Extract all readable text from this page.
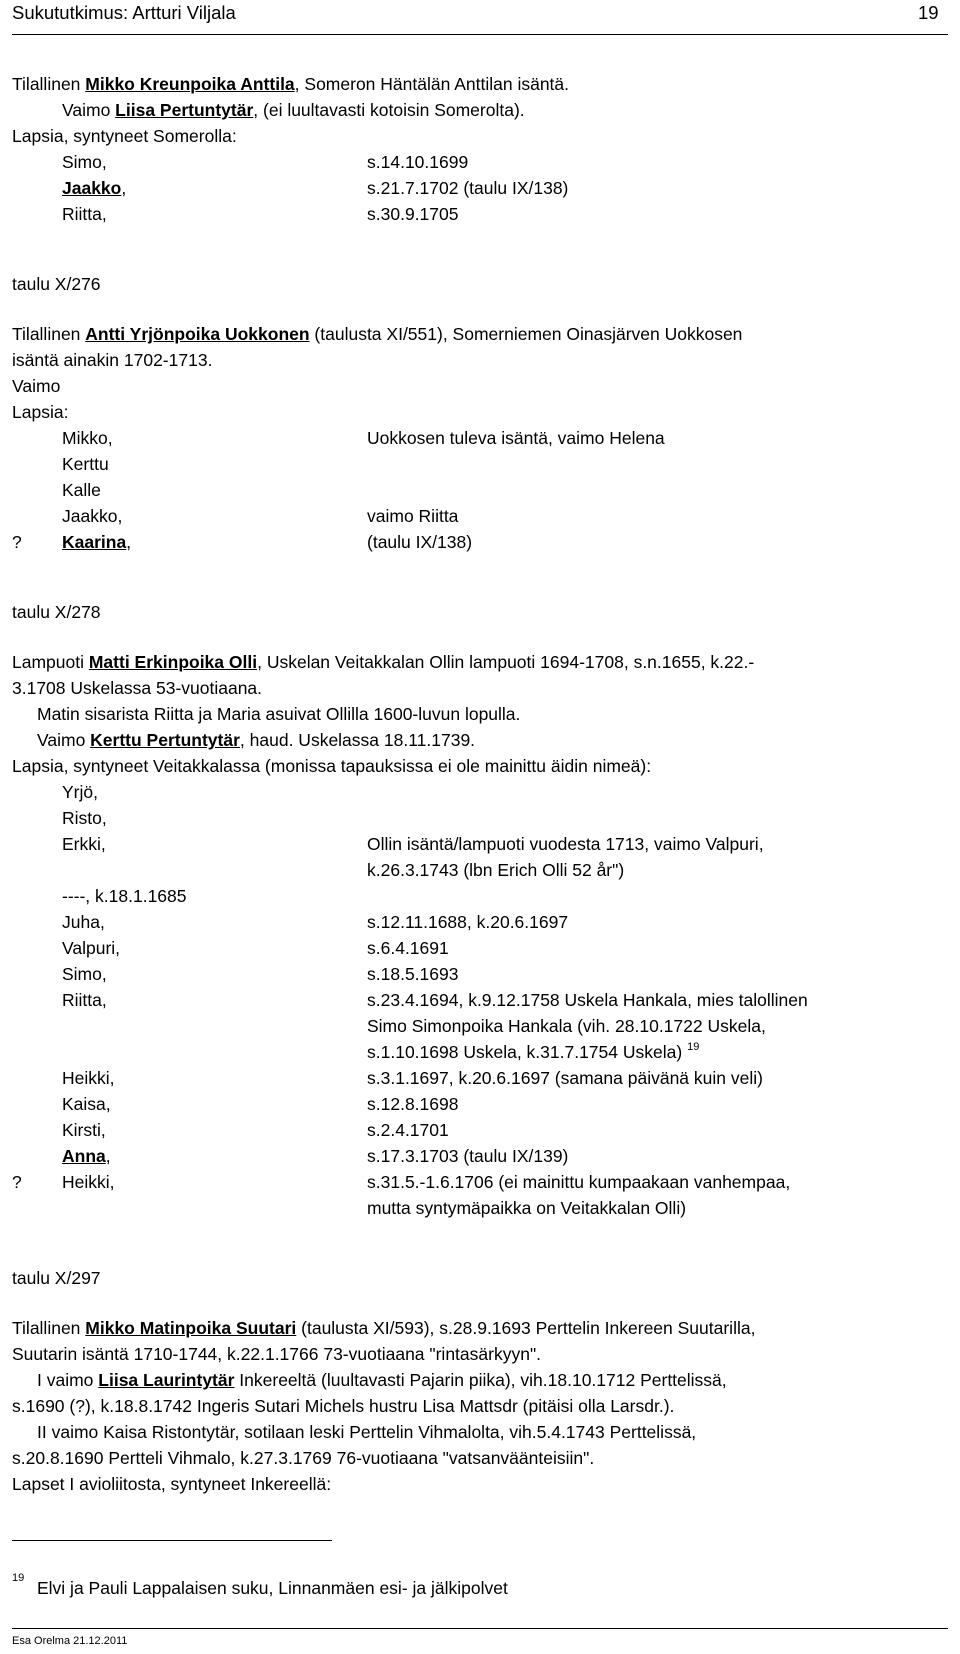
Sukututkimus: Artturi Viljala	19
Tilallinen Mikko Kreunpoika Anttila, Someron Häntälän Anttilan isäntä.
Vaimo Liisa Pertuntytär, (ei luultavasti kotoisin Somerolta).
Lapsia, syntyneet Somerolla:
Simo,	s.14.10.1699
Jaakko,	s.21.7.1702 (taulu IX/138)
Riitta,	s.30.9.1705
taulu X/276
Tilallinen Antti Yrjönpoika Uokkonen (taulusta XI/551), Somerniemen Oinasjärven Uokkosen
isäntä ainakin 1702-1713.
Vaimo
Lapsia:
Mikko,	Uokkosen tuleva isäntä, vaimo Helena
Kerttu
Kalle
Jaakko,	vaimo Riitta
? Kaarina,	(taulu IX/138)
taulu X/278
Lampuoti Matti Erkinpoika Olli, Uskelan Veitakkalan Ollin lampuoti 1694-1708, s.n.1655, k.22.-
3.1708 Uskelassa 53-vuotiaana.
Matin sisarista Riitta ja Maria asuivat Ollilla 1600-luvun lopulla.
Vaimo Kerttu Pertuntytär, haud. Uskelassa 18.11.1739.
Lapsia, syntyneet Veitakkalassa (monissa tapauksissa ei ole mainittu äidin nimeä):
Yrjö,
Risto,
Erkki,	Ollin isäntä/lampuoti vuodesta 1713, vaimo Valpuri,
k.26.3.1743 (lbn Erich Olli 52 år")
----, k.18.1.1685
Juha,	s.12.11.1688, k.20.6.1697
Valpuri,	s.6.4.1691
Simo,	s.18.5.1693
Riitta,	s.23.4.1694, k.9.12.1758 Uskela Hankala, mies talollinen
Simo Simonpoika Hankala (vih. 28.10.1722 Uskela,
s.1.10.1698 Uskela, k.31.7.1754 Uskela) $^{19}$
Heikki,	s.3.1.1697, k.20.6.1697 (samana päivänä kuin veli)
Kaisa,	s.12.8.1698
Kirsti,	s.2.4.1701
Anna,	s.17.3.1703 (taulu IX/139)
? Heikki,	s.31.5.-1.6.1706 (ei mainittu kumpaakaan vanhempaa,
mutta syntymäpaikka on Veitakkalan Olli)
taulu X/297
Tilallinen Mikko Matinpoika Suutari (taulusta XI/593), s.28.9.1693 Perttelin Inkereen Suutarilla,
Suutarin isäntä 1710-1744, k.22.1.1766 73-vuotiaana "rintasärkyyn".
I vaimo Liisa Laurintytär Inkereeltä (luultavasti Pajarin piika), vih.18.10.1712 Perttelissä,
s.1690 (?), k.18.8.1742 Ingeris Sutari Michels hustru Lisa Mattsdr (pitäisi olla Larsdr.).
II vaimo Kaisa Ristontytär, sotilaan leski Perttelin Vihmalolta, vih.5.4.1743 Perttelissä,
s.20.8.1690 Pertteli Vihmalo, k.27.3.1769 76-vuotiaana "vatsanväänteisiin".
Lapset I avioliitosta, syntyneet Inkereellä:
19 Elvi ja Pauli Lappalaisen suku, Linnanmäen esi- ja jälkipolvet
Esa Orelma 21.12.2011
